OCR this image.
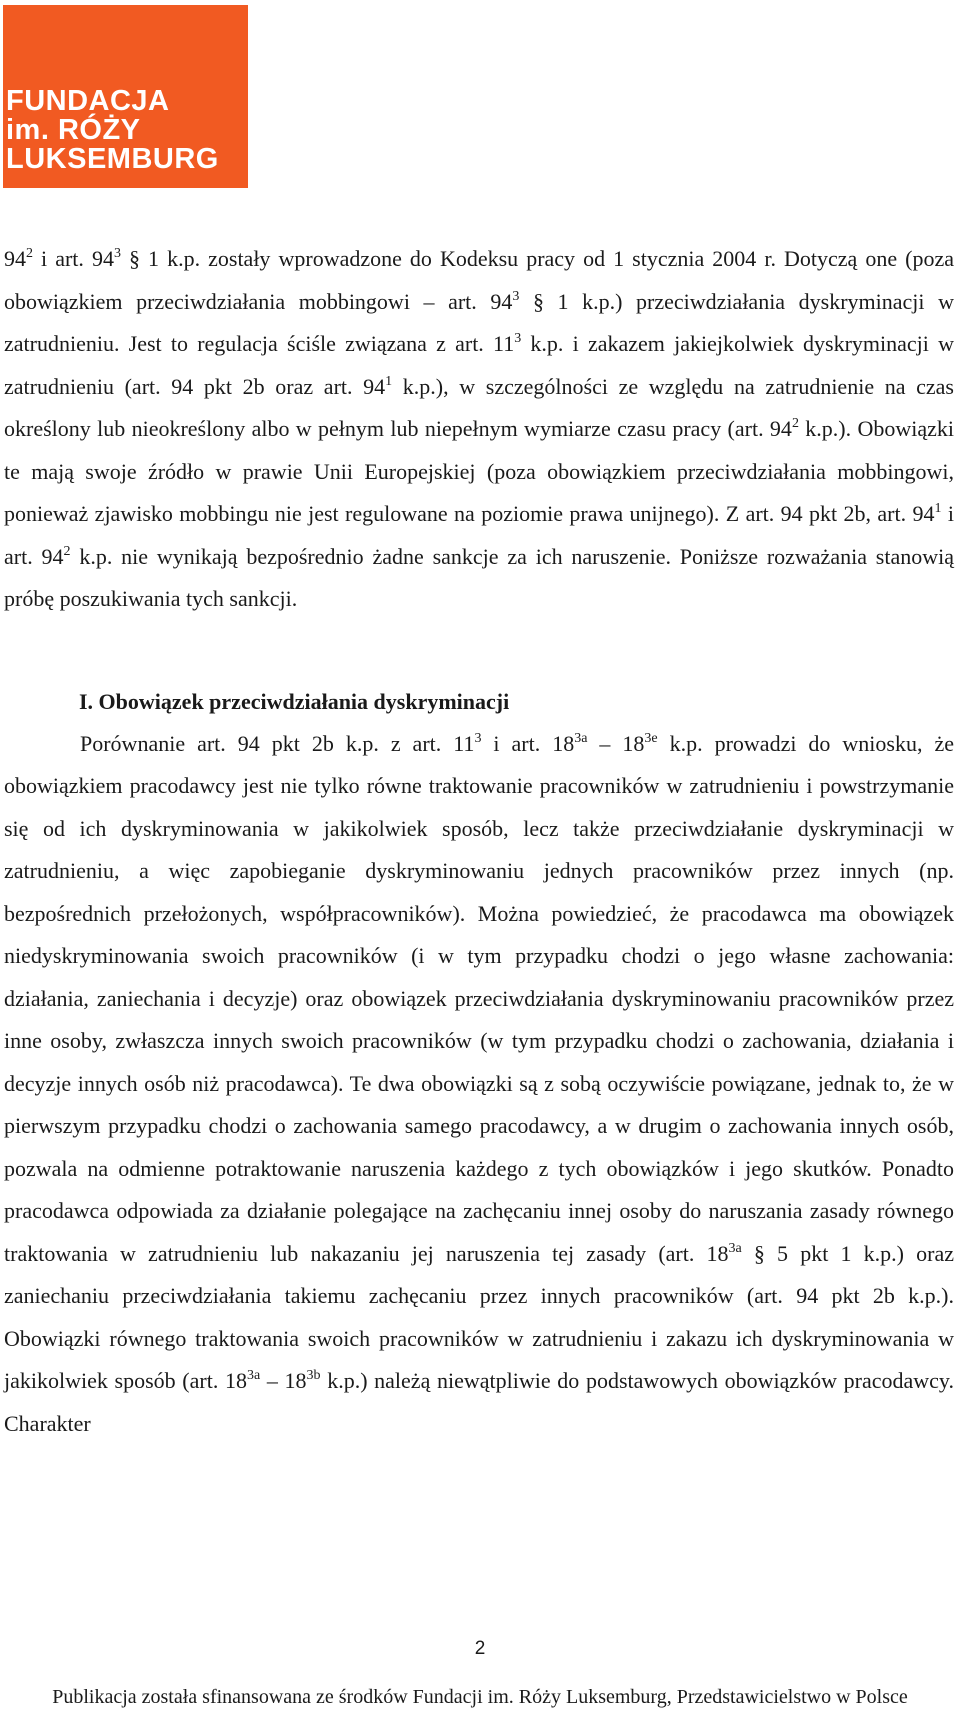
FUNDACJA
im. RÓŻY
LUKSEMBURG

$94^2$ i art. $94^3$ § 1 k.p. zostały wprowadzone do Kodeksu pracy od 1 stycznia 2004 r. Dotyczą one (poza obowiązkiem przeciwdziałania mobbingowi – art. $94^3$ § 1 k.p.) przeciwdziałania dyskryminacji w zatrudnieniu. Jest to regulacja ściśle związana z art. $11^3$ k.p. i zakazem jakiejkolwiek dyskryminacji w zatrudnieniu (art. 94 pkt 2b oraz art. $94^1$ k.p.), w szczególności ze względu na zatrudnienie na czas określony lub nieokreślony albo w pełnym lub niepełnym wymiarze czasu pracy (art. $94^2$ k.p.). Obowiązki te mają swoje źródło w prawie Unii Europejskiej (poza obowiązkiem przeciwdziałania mobbingowi, ponieważ zjawisko mobbingu nie jest regulowane na poziomie prawa unijnego). Z art. 94 pkt 2b, art. $94^1$ i art. $94^2$ k.p. nie wynikają bezpośrednio żadne sankcje za ich naruszenie. Poniższe rozważania stanowią próbę poszukiwania tych sankcji.

I. Obowiązek przeciwdziałania dyskryminacji

Porównanie art. 94 pkt 2b k.p. z art. $11^3$ i art. $18^{3a} - 18^{3e}$ k.p. prowadzi do wniosku, że obowiązkiem pracodawcy jest nie tylko równe traktowanie pracowników w zatrudnieniu i powstrzymanie się od ich dyskryminowania w jakikolwiek sposób, lecz także przeciwdziałanie dyskryminacji w zatrudnieniu, a więc zapobieganie dyskryminowaniu jednych pracowników przez innych (np. bezpośrednich przełożonych, współpracowników). Można powiedzieć, że pracodawca ma obowiązek niedyskryminowania swoich pracowników (i w tym przypadku chodzi o jego własne zachowania: działania, zaniechania i decyzje) oraz obowiązek przeciwdziałania dyskryminowaniu pracowników przez inne osoby, zwłaszcza innych swoich pracowników (w tym przypadku chodzi o zachowania, działania i decyzje innych osób niż pracodawca). Te dwa obowiązki są z sobą oczywiście powiązane, jednak to, że w pierwszym przypadku chodzi o zachowania samego pracodawcy, a w drugim o zachowania innych osób, pozwala na odmienne potraktowanie naruszenia każdego z tych obowiązków i jego skutków. Ponadto pracodawca odpowiada za działanie polegające na zachęcaniu innej osoby do naruszania zasady równego traktowania w zatrudnieniu lub nakazaniu jej naruszenia tej zasady (art. $18^{3a}$ § 5 pkt 1 k.p.) oraz zaniechaniu przeciwdziałania takiemu zachęcaniu przez innych pracowników (art. 94 pkt 2b k.p.). Obowiązki równego traktowania swoich pracowników w zatrudnieniu i zakazu ich dyskryminowania w jakikolwiek sposób (art. $18^{3a} - 18^{3b}$ k.p.) należą niewątpliwie do podstawowych obowiązków pracodawcy. Charakter

2
Publikacja została sfinansowana ze środków Fundacji im. Róży Luksemburg, Przedstawicielstwo w Polsce
